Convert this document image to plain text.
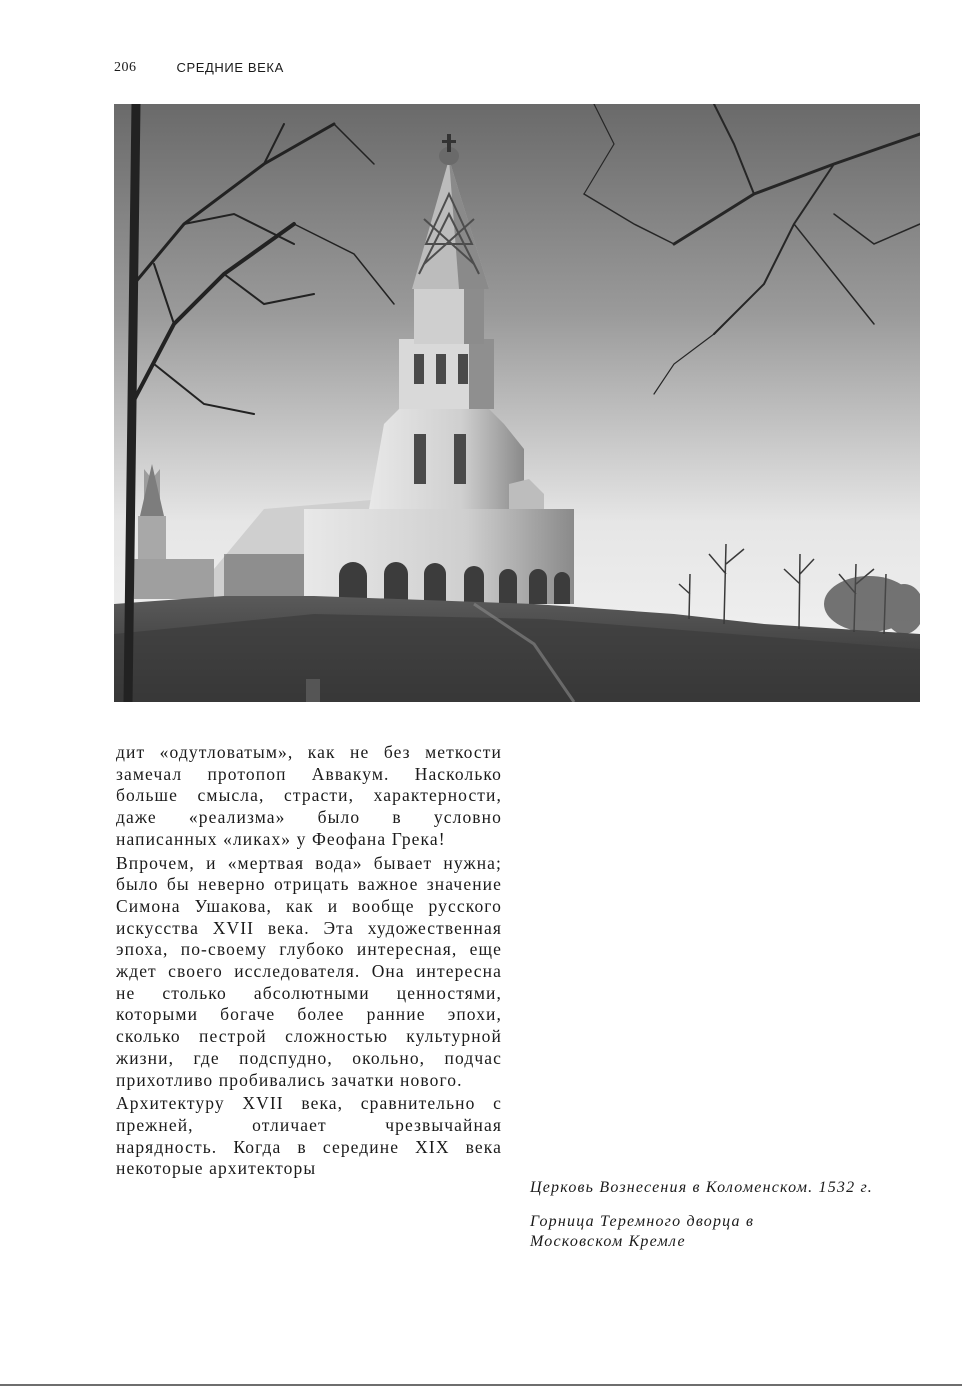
206	СРЕДНИЕ ВЕКА

дит «одутловатым», как не без меткости замечал протопоп Аввакум. Насколько больше смысла, страсти, характерности, даже «реализма» было в условно написанных «ликах» у Феофана Грека!

Впрочем, и «мертвая вода» бывает нужна; было бы неверно отрицать важное значение Симона Ушакова, как и вообще русского искусства XVII века. Эта художественная эпоха, по-своему глубоко интересная, еще ждет своего исследователя. Она интересна не столько абсолютными ценностями, которыми богаче более ранние эпохи, сколько пестрой сложностью культурной жизни, где подспудно, окольно, подчас прихотливо пробивались зачатки нового.

Архитектуру XVII века, сравнительно с прежней, отличает чрезвычайная нарядность. Когда в середине XIX века некоторые архитекторы

Церковь Вознесения в Коломенском. 1532 г.

Горница Теремного дворца в Московском Кремле
